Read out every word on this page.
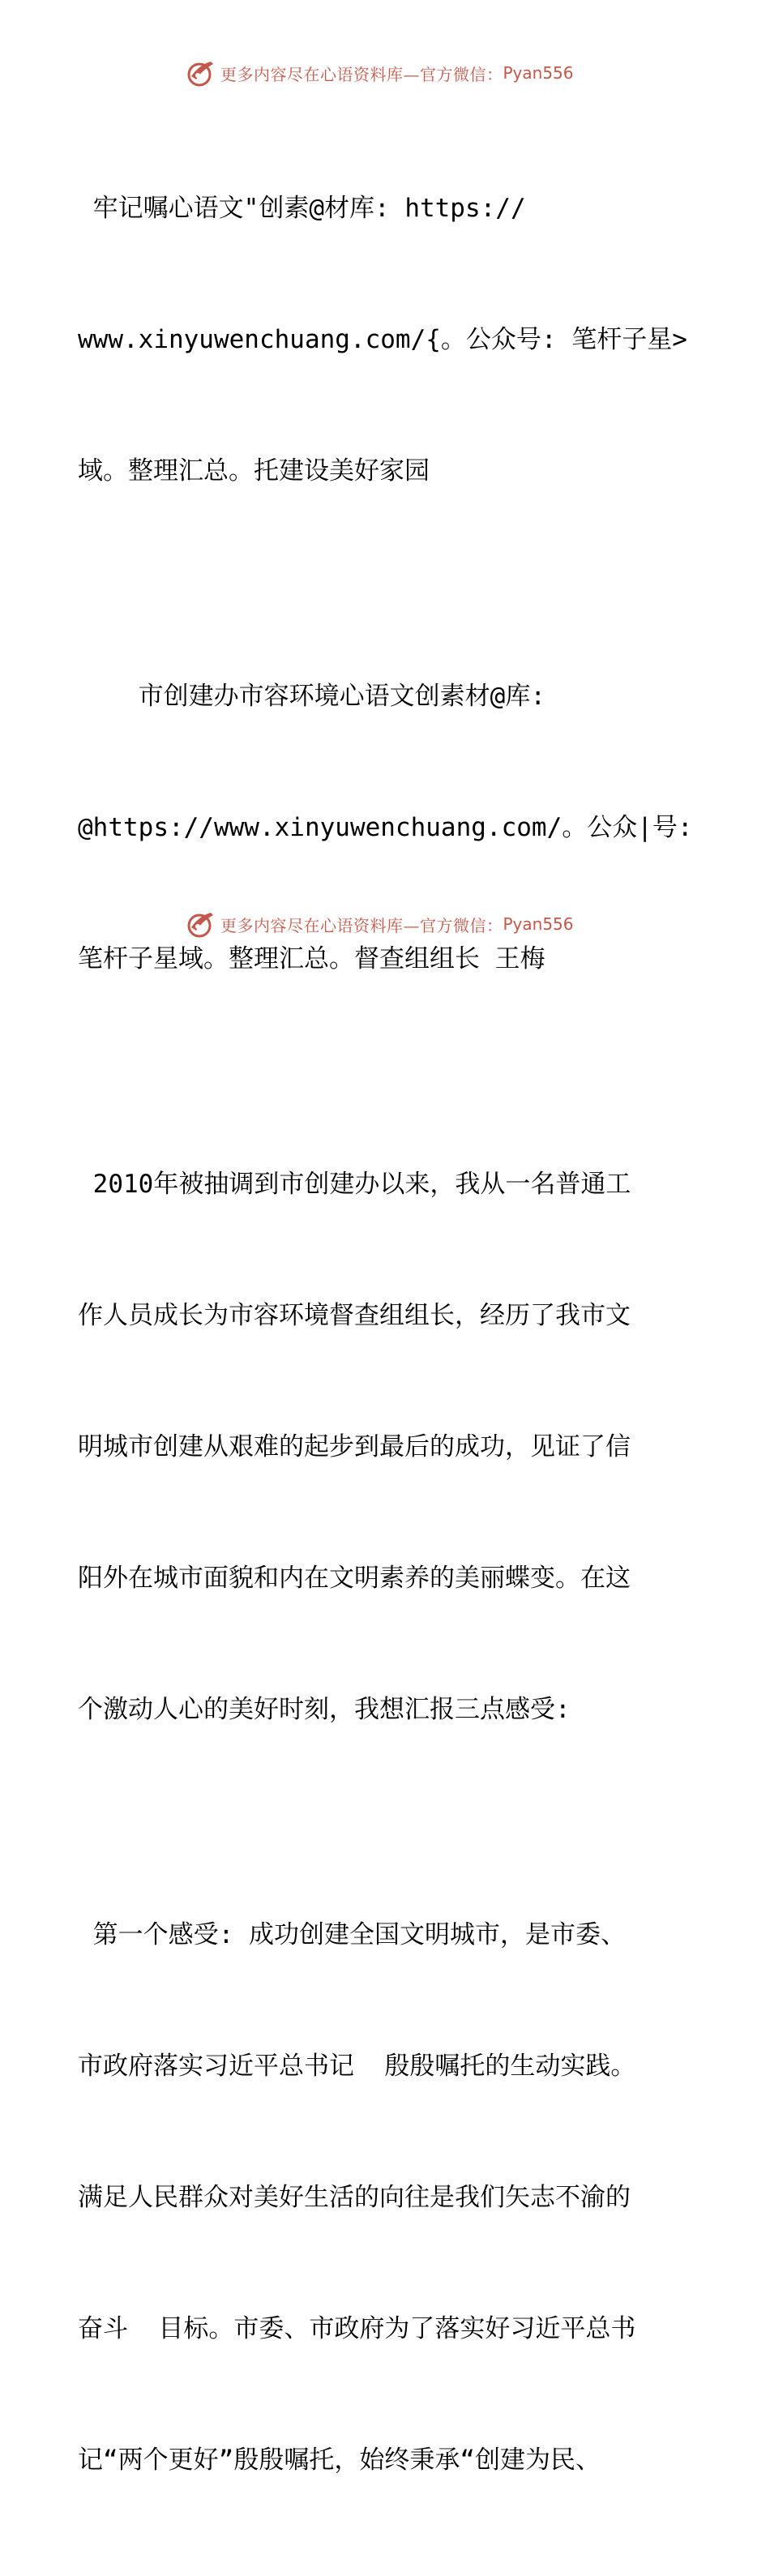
更多内容尽在心语资料库—官方微信： Pyan556

牢记嘱心语文"创素@材库: https://

www.xinyuwenchuang.com/{。公众号: 笔杆子星>

域。整理汇总。托建设美好家园

市创建办市容环境心语文创素材@库:

@https://www.xinyuwenchuang.com/。公众|号:

笔杆子星域。整理汇总。督查组组长 王梅

2010年被抽调到市创建办以来，我从一名普通工

作人员成长为市容环境督查组组长，经历了我市文

明城市创建从艰难的起步到最后的成功，见证了信

阳外在城市面貌和内在文明素养的美丽蝶变。在这

个激动人心的美好时刻，我想汇报三点感受:

第一个感受: 成功创建全国文明城市，是市委、

市政府落实习近平总书记  殷殷嘱托的生动实践。

满足人民群众对美好生活的向往是我们矢志不渝的

奋斗  目标。市委、市政府为了落实好习近平总书

记“两个更好”殷殷嘱托，始终秉承“创建为民、

更多内容尽在心语资料库—官方微信： Pyan556
